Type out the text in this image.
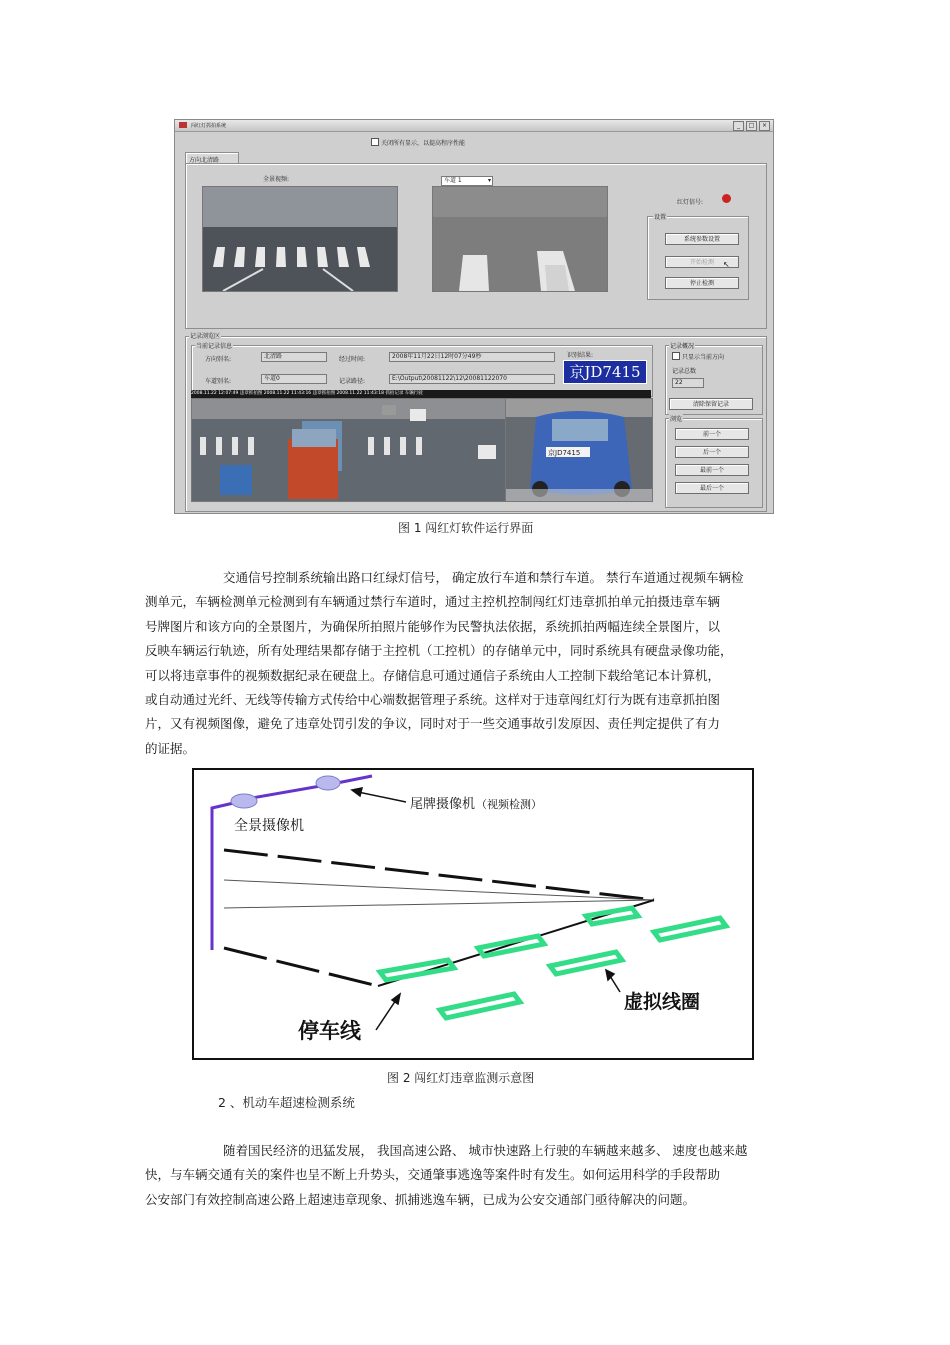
闯红灯抓拍系统	_	□	×
关闭所有显示，以提高程序性能
方向北清路
全景视频:	车道 1	▾
红灯信号:
设置
系统参数设置
开始检测	↖
停止检测
记录浏览区
当前记录信息
方向别名:	北清路	经过时间:	2008年11月22日12时07分49秒
车道别名:	车道0	记录路径:	E:\Output\20081122\12\20081122070
识别结果:
京JD7415
记录概况
只显示当前方向
记录总数
22
清除保留记录
浏览
前一个
后一个
最前一个
最后一个
2008.11.22 12:07:49 违章抓拍图 2008.11.22 11:43:16 违章抓拍图 2008.11.22 11:43:18 抓拍记录 车辆行驶
京JD7415
图 1 闯红灯软件运行界面

交通信号控制系统输出路口红绿灯信号， 确定放行车道和禁行车道。 禁行车道通过视频车辆检

测单元，车辆检测单元检测到有车辆通过禁行车道时，通过主控机控制闯红灯违章抓拍单元拍摄违章车辆

号牌图片和该方向的全景图片，为确保所拍照片能够作为民警执法依据，系统抓拍两幅连续全景图片，以

反映车辆运行轨迹，所有处理结果都存储于主控机（工控机）的存储单元中，同时系统具有硬盘录像功能，

可以将违章事件的视频数据纪录在硬盘上。存储信息可通过通信子系统由人工控制下载给笔记本计算机，

或自动通过光纤、无线等传输方式传给中心端数据管理子系统。这样对于违章闯红灯行为既有违章抓拍图

片，又有视频图像，避免了违章处罚引发的争议，同时对于一些交通事故引发原因、责任判定提供了有力

的证据。

尾牌摄像机 （视频检测）
全景摄像机
虚拟线圈
停车线
图 2 闯红灯违章监测示意图
2 、机动车超速检测系统

随着国民经济的迅猛发展， 我国高速公路、 城市快速路上行驶的车辆越来越多、 速度也越来越

快，与车辆交通有关的案件也呈不断上升势头，交通肇事逃逸等案件时有发生。如何运用科学的手段帮助

公安部门有效控制高速公路上超速违章现象、抓捕逃逸车辆，已成为公安交通部门亟待解决的问题。
